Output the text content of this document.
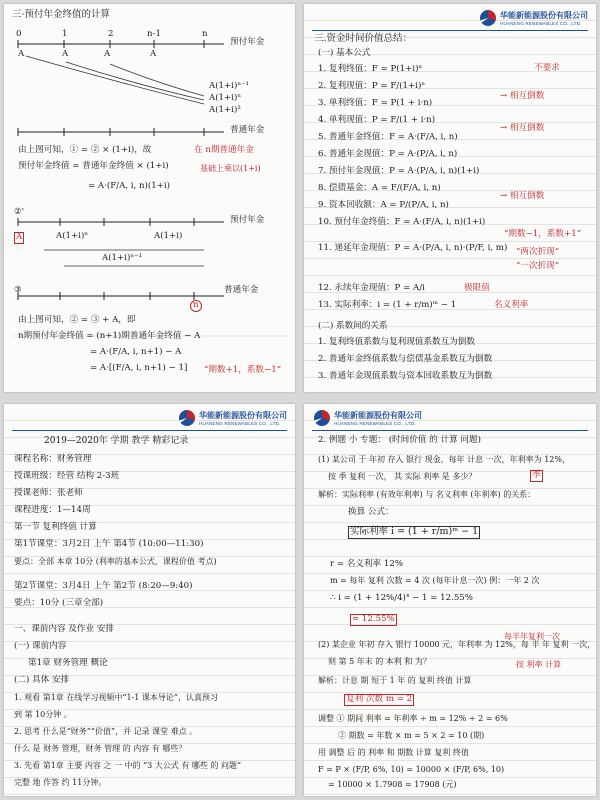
三·预付年金终值的计算
0	1	2	n-1	n
预付年金
A	A	A	A
A(1+i)ⁿ
A(1+i)ⁿ⁻¹
A(1+i)²
普通年金
由上图可知，① = ② × (1+i)，故	在 n期普通年金
预付年金终值 = 普通年金终值 × (1+i)	基础上乘以(1+i)
= A·(F/A, i, n)(1+i)
②'
预付年金
A	A(1+i)ⁿ	A(1+i)
A(1+i)ⁿ⁻¹
③	普通年金
n
由上图可知，② = ③ + A，即
n期预付年金终值 = (n+1)期普通年金终值 − A
= A·(F/A, i, n+1) − A
= A·[(F/A, i, n+1) − 1] “期数+1，系数−1”
华能新能源股份有限公司
HUANENG RENEWABLES CO., LTD.
三.资金时间价值总结：
(一) 基本公式
不要求
1. 复利终值：F = P(1+i)ⁿ
2. 复利现值：P = F/(1+i)ⁿ
3. 单利终值：F = P(1 + i·n)
4. 单利现值：P = F/(1 + i·n)
5. 普通年金终值：F = A·(F/A, i, n)
6. 普通年金现值：P = A·(P/A, i, n)
7. 预付年金现值：P = A·(P/A, i, n)(1+i)
8. 偿债基金：A = F/(F/A, i, n)
9. 资本回收额：A = P/(P/A, i, n)
10. 预付年金终值：F = A·(F/A, i, n)(1+i)
11. 递延年金现值：P = A·(P/A, i, n)·(P/F, i, m)
12. 永续年金现值：P = A/i
13. 实际利率：i = (1 + r/m)ᵐ − 1
→ 相互倒数
→ 相互倒数
→ 相互倒数
“期数−1，系数+1”
“两次折现”
“一次折现”
极限值
名义利率
(二) 系数间的关系
1. 复利终值系数与复利现值系数互为倒数
2. 普通年金终值系数与偿债基金系数互为倒数
3. 普通年金现值系数与资本回收系数互为倒数
华能新能源股份有限公司
HUANENG RENEWABLES CO., LTD.
2019—2020年 学期 教学 精彩记录
课程名称：财务管理
授课班级：经管 结构 2-3班
授课老师：张老师
课程进度：1—14周
第一节 复利终值 计算
第1节课堂：3月2日 上午 第4节 (10:00—11:30)
要点：全部 本章 10分 (利率的基本公式，课程价值 考点)
第2节课堂：3月4日 上午 第2节 (8:20—9:40)
要点：10分 (三章全部)
一、课前内容 及作业 安排
(一) 课前内容
第1章 财务管理 概论
(二) 具体 安排
1. 观看 第1章 在线学习视频中“1-1 课本导论”，认真预习
到 第 10分钟 。
2. 思考 什么是“财务”“价值”，并 记录 课堂 难点 。
什么 是 财务 管理，财务 管理 的 内容 有 哪些？
3. 先看 第1章 主要 内容 之 一 中的 “3 大公式 有 哪些 的 问题”
完整 地 作答 约 11分钟。
华能新能源股份有限公司
HUANENG RENEWABLES CO., LTD.
2. 例题 小 专题： (时间价值 的 计算 问题)
(1) 某公司 于 年初 存入 银行 现金，每年 计息 一次，年利率为 12%，
按 季 复利 一次， 其 实际 利率 是 多少？	季
解析：实际利率 (有效年利率) 与 名义利率 (年利率) 的关系：
换算 公式：
实际利率 i = (1 + r/m)ᵐ − 1
r = 名义利率 12%
m = 每年 复利 次数 = 4 次 (每年计息一次) 例：一年 2 次
∴ i = (1 + 12%/4)⁴ − 1 = 12.55%
≈ 12.55%
(2) 某企业 年初 存入 银行 10000 元，年利率 为 12%，每 半 年 复利 一次，
则 第 5 年末 的 本利 和 为？
每半年复利一次
按 利率 计算
解析：计息 期 短于 1 年 的 复利 终值 计算
复利 次数 m = 2
调整 ① 期间 利率 = 年利率 ÷ m = 12% ÷ 2 = 6%
② 期数 = 年数 × m = 5 × 2 = 10 (期)
用 调整 后 的 利率 和 期数 计算 复利 终值
F = P × (F/P, 6%, 10) = 10000 × (F/P, 6%, 10)
= 10000 × 1.7908 = 17908 (元)
